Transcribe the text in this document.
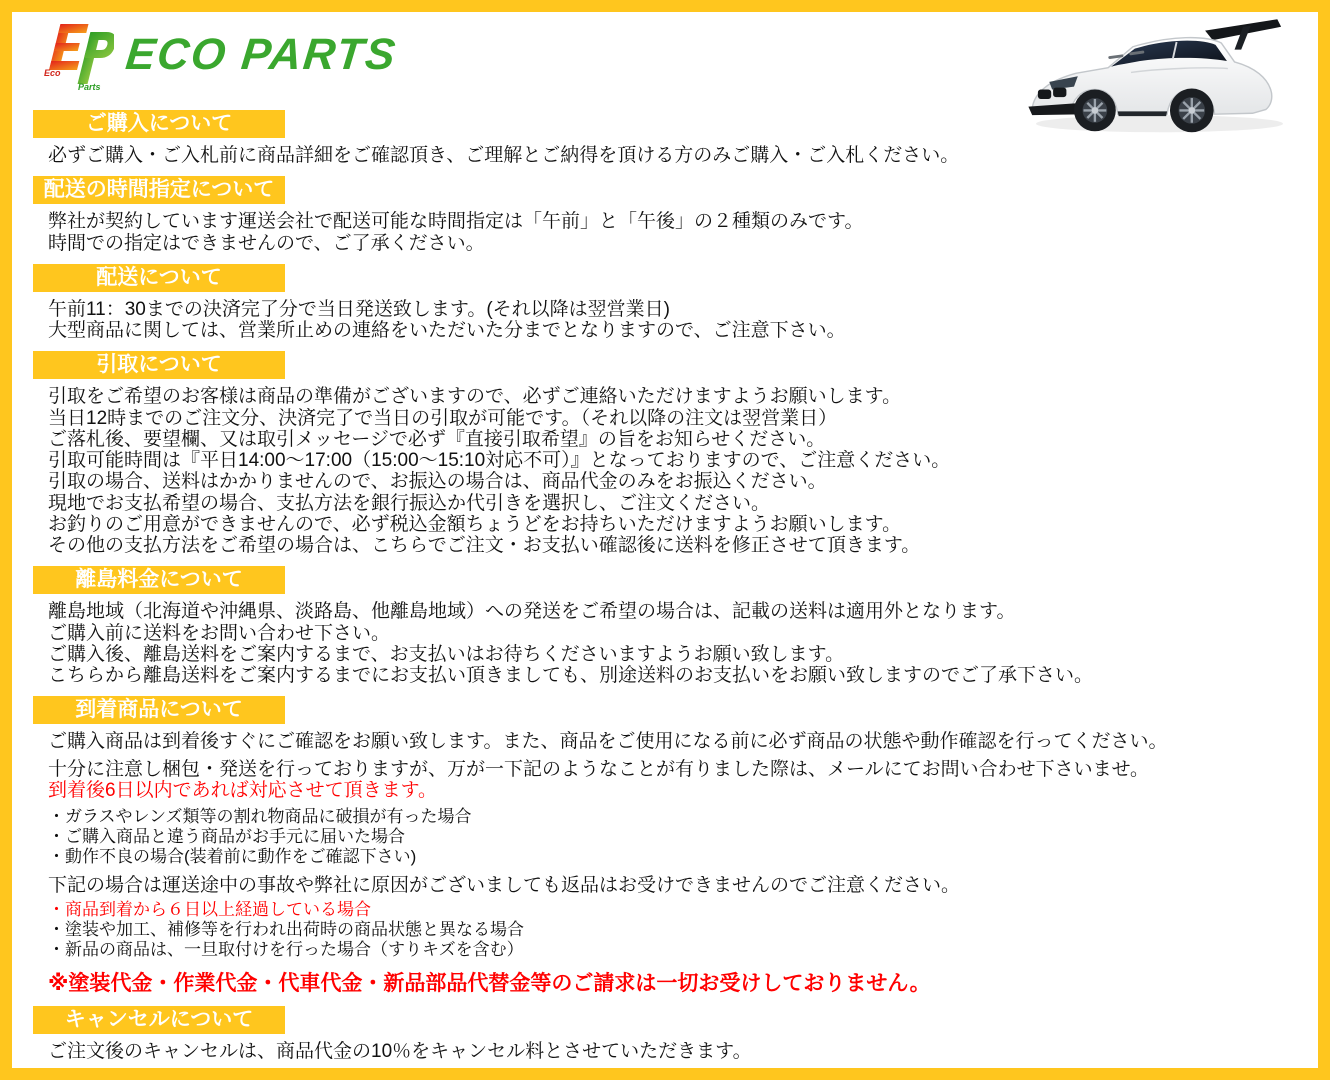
Eco
Parts
ECO PARTS
ご購入について
必ずご購入・ご入札前に商品詳細をご確認頂き、ご理解とご納得を頂ける方のみご購入・ご入札ください。
配送の時間指定について
弊社が契約しています運送会社で配送可能な時間指定は「午前」と「午後」の２種類のみです。
時間での指定はできませんので、ご了承ください。
配送について
午前11：30までの決済完了分で当日発送致します。(それ以降は翌営業日)
大型商品に関しては、営業所止めの連絡をいただいた分までとなりますので、ご注意下さい。
引取について
引取をご希望のお客様は商品の準備がございますので、必ずご連絡いただけますようお願いします。
当日12時までのご注文分、決済完了で当日の引取が可能です。（それ以降の注文は翌営業日）
ご落札後、要望欄、又は取引メッセージで必ず『直接引取希望』の旨をお知らせください。
引取可能時間は『平日14:00〜17:00（15:00〜15:10対応不可）』となっておりますので、ご注意ください。
引取の場合、送料はかかりませんので、お振込の場合は、商品代金のみをお振込ください。
現地でお支払希望の場合、支払方法を銀行振込か代引きを選択し、ご注文ください。
お釣りのご用意ができませんので、必ず税込金額ちょうどをお持ちいただけますようお願いします。
その他の支払方法をご希望の場合は、こちらでご注文・お支払い確認後に送料を修正させて頂きます。
離島料金について
離島地域（北海道や沖縄県、淡路島、他離島地域）への発送をご希望の場合は、記載の送料は適用外となります。
ご購入前に送料をお問い合わせ下さい。
ご購入後、離島送料をご案内するまで、お支払いはお待ちくださいますようお願い致します。
こちらから離島送料をご案内するまでにお支払い頂きましても、別途送料のお支払いをお願い致しますのでご了承下さい。
到着商品について
ご購入商品は到着後すぐにご確認をお願い致します。また、商品をご使用になる前に必ず商品の状態や動作確認を行ってください。
十分に注意し梱包・発送を行っておりますが、万が一下記のようなことが有りました際は、メールにてお問い合わせ下さいませ。
到着後6日以内であれば対応させて頂きます。
・ガラスやレンズ類等の割れ物商品に破損が有った場合
・ご購入商品と違う商品がお手元に届いた場合
・動作不良の場合(装着前に動作をご確認下さい)
下記の場合は運送途中の事故や弊社に原因がございましても返品はお受けできませんのでご注意ください。
・商品到着から６日以上経過している場合
・塗装や加工、補修等を行われ出荷時の商品状態と異なる場合
・新品の商品は、一旦取付けを行った場合（すりキズを含む）
※塗装代金・作業代金・代車代金・新品部品代替金等のご請求は一切お受けしておりません。
キャンセルについて
ご注文後のキャンセルは、商品代金の10％をキャンセル料とさせていただきます。
